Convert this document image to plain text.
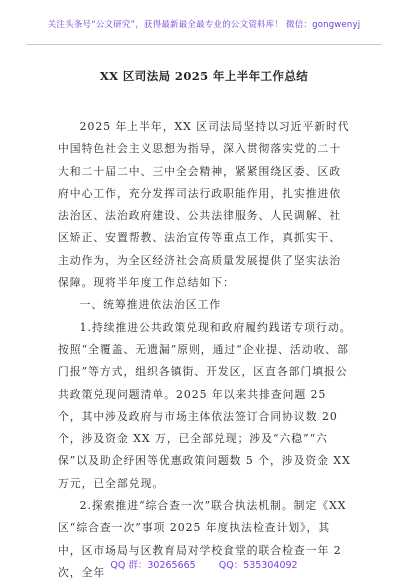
关注头条号“公文研究”，获得最新最全最专业的公文资料库！ 微信：gongwenyj
XX 区司法局 2025 年上半年工作总结

2025 年上半年，XX 区司法局坚持以习近平新时代中国特色社会主义思想为指导，深入贯彻落实党的二十大和二十届二中、三中全会精神，紧紧围绕区委、区政府中心工作，充分发挥司法行政职能作用，扎实推进依法治区、法治政府建设、公共法律服务、人民调解、社区矫正、安置帮教、法治宣传等重点工作，真抓实干、主动作为，为全区经济社会高质量发展提供了坚实法治保障。现将半年度工作总结如下：

一、统筹推进依法治区工作

1.持续推进公共政策兑现和政府履约践诺专项行动。按照“全覆盖、无遗漏”原则，通过“企业提、活动收、部门报”等方式，组织各镇街、开发区，区直各部门填报公共政策兑现问题清单。2025 年以来共排查问题 25 个，其中涉及政府与市场主体依法签订合同协议数 20 个，涉及资金 XX 万，已全部兑现；涉及“六稳”“六保”以及助企纾困等优惠政策问题数 5 个，涉及资金 XX 万元，已全部兑现。

2.探索推进“综合查一次”联合执法机制。制定《XX 区“综合查一次”事项 2025 年度执法检查计划》，其中，区市场局与区教育局对学校食堂的联合检查一年 2 次，全年

QQ 群：30265665 QQ：535304092
